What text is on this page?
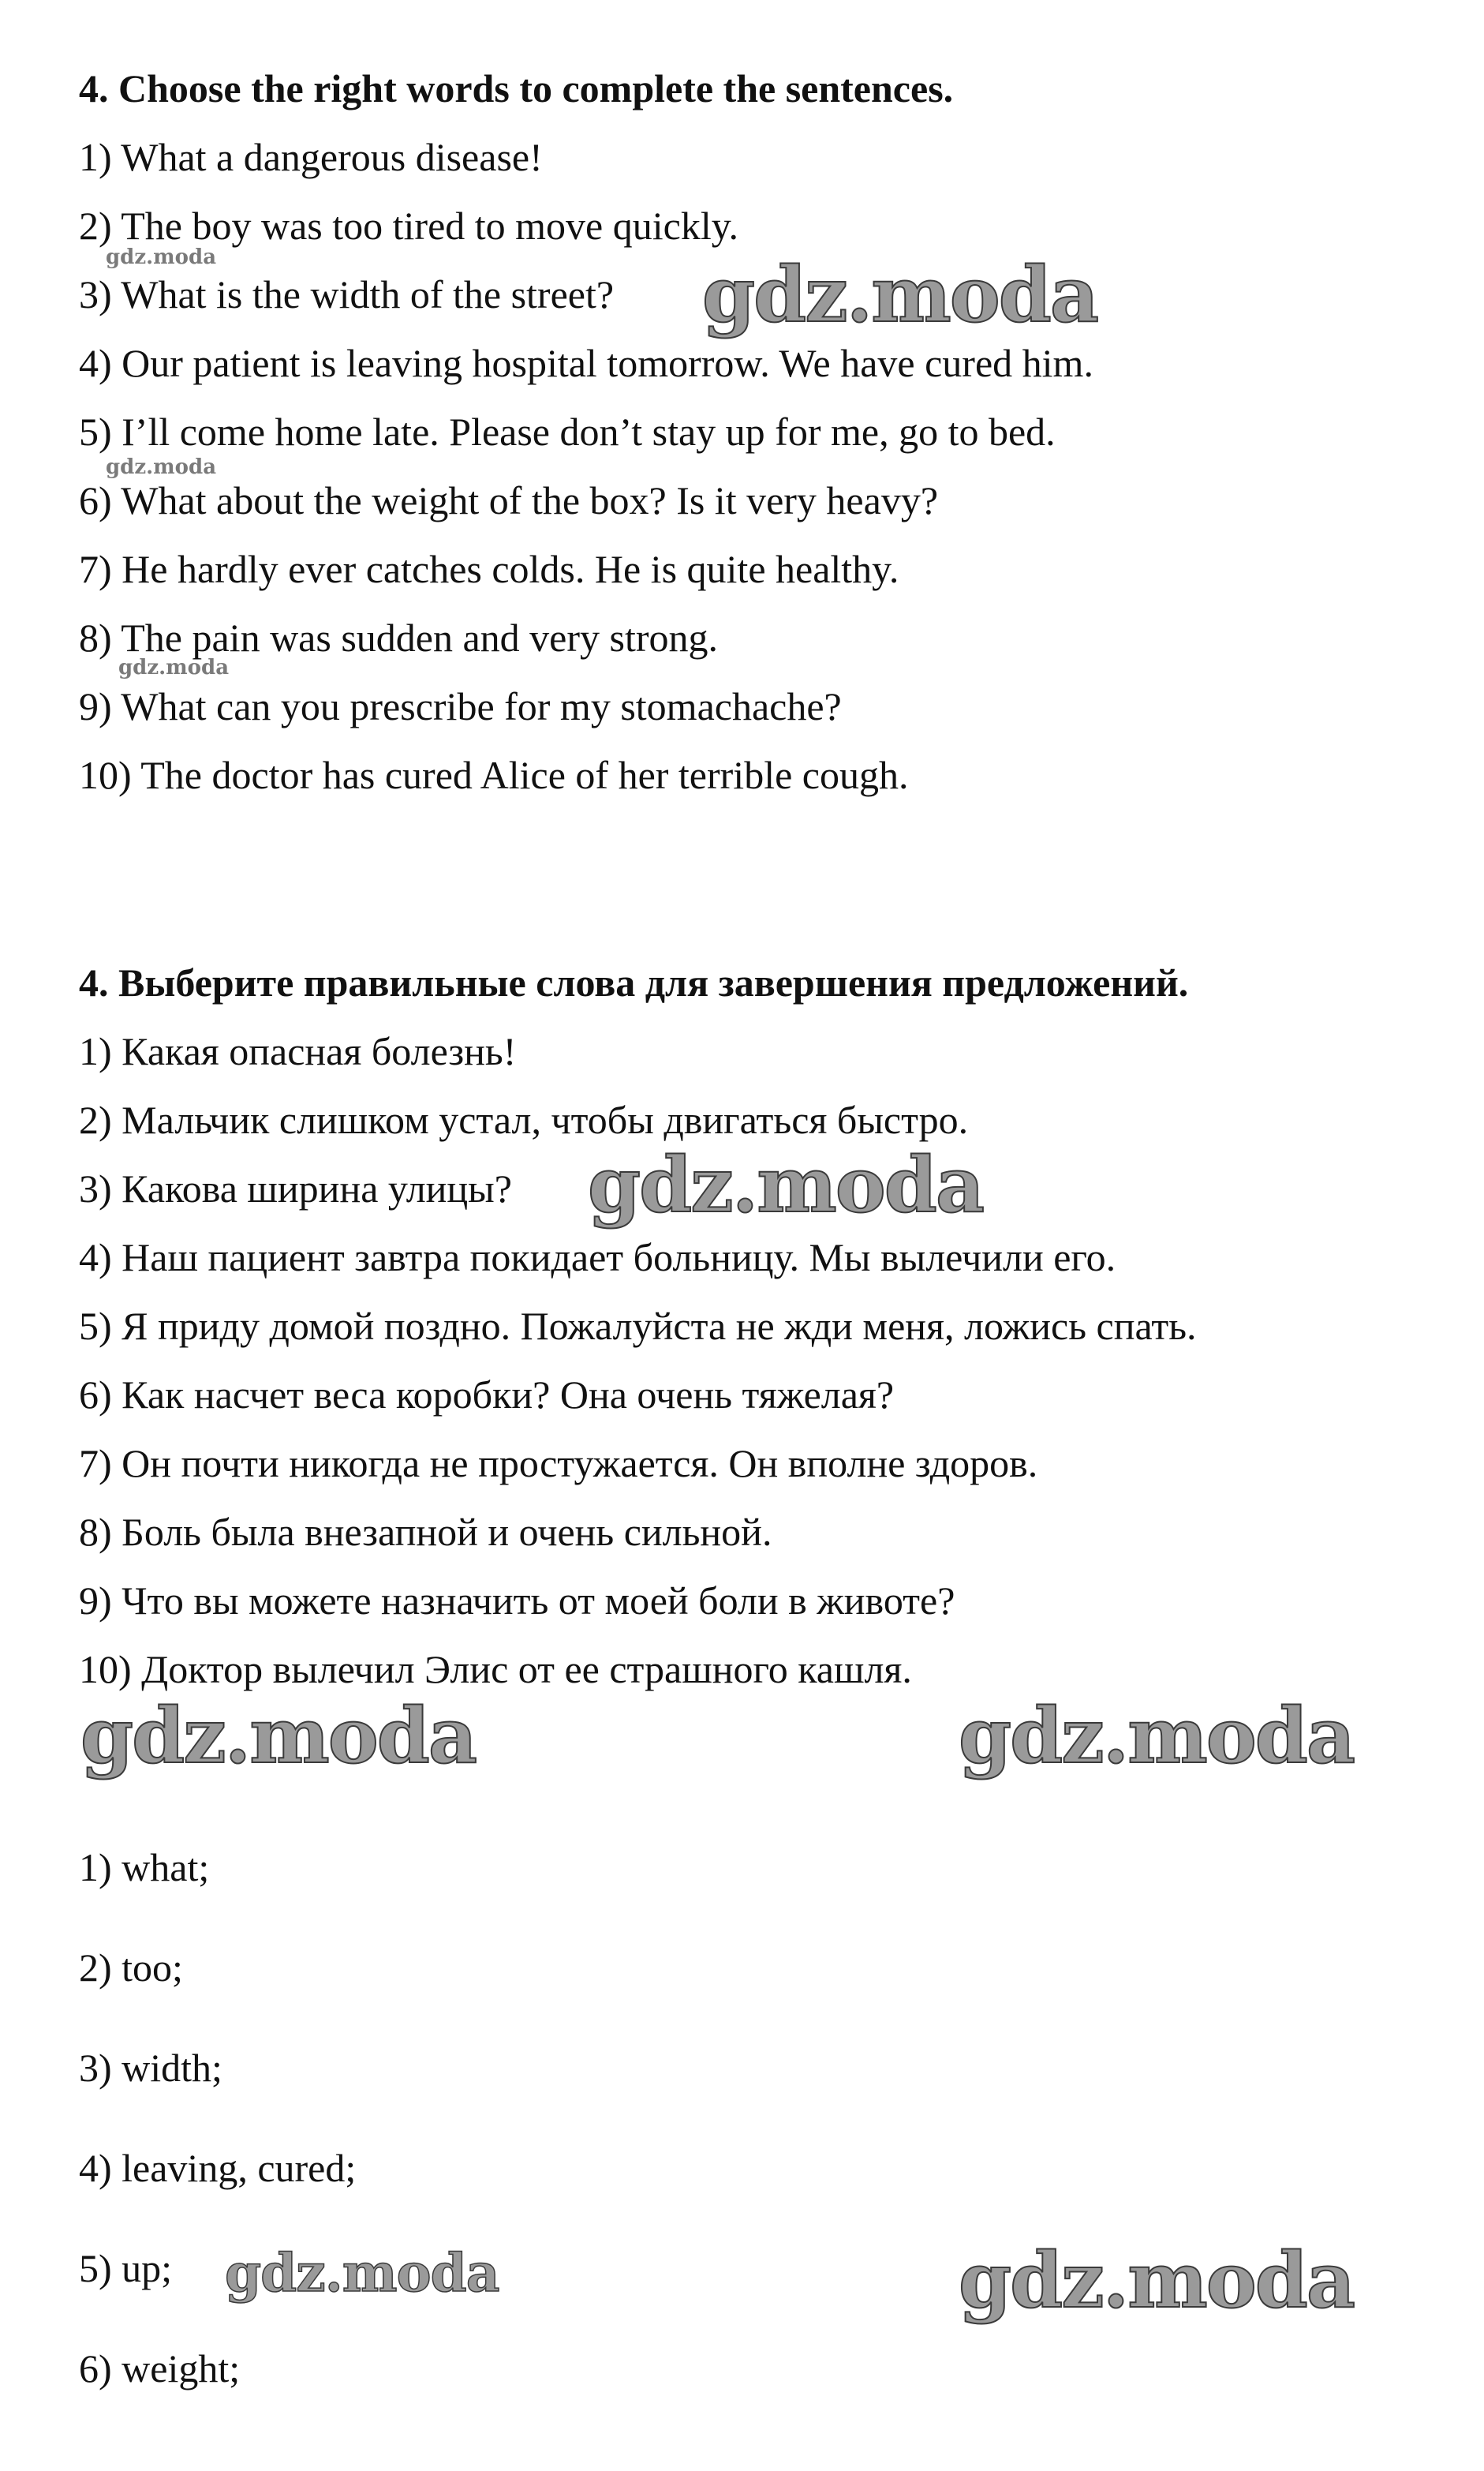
4. Choose the right words to complete the sentences.
1) What a dangerous disease!
2) The boy was too tired to move quickly.
3) What is the width of the street?
4) Our patient is leaving hospital tomorrow. We have cured him.
5) I’ll come home late. Please don’t stay up for me, go to bed.
6) What about the weight of the box? Is it very heavy?
7) He hardly ever catches colds. He is quite healthy.
8) The pain was sudden and very strong.
9) What can you prescribe for my stomachache?
10) The doctor has cured Alice of her terrible cough.
4. Выберите правильные слова для завершения предложений.
1) Какая опасная болезнь!
2) Мальчик слишком устал, чтобы двигаться быстро.
3) Какова ширина улицы?
4) Наш пациент завтра покидает больницу. Мы вылечили его.
5) Я приду домой поздно. Пожалуйста не жди меня, ложись спать.
6) Как насчет веса коробки? Она очень тяжелая?
7) Он почти никогда не простужается. Он вполне здоров.
8) Боль была внезапной и очень сильной.
9) Что вы можете назначить от моей боли в животе?
10) Доктор вылечил Элис от ее страшного кашля.
1) what;
2) too;
3) width;
4) leaving, cured;
5) up;
6) weight;
gdz.moda
gdz.moda
gdz.moda
gdz.moda
gdz.moda
gdz.moda	gdz.moda
gdz.moda
gdz.moda
